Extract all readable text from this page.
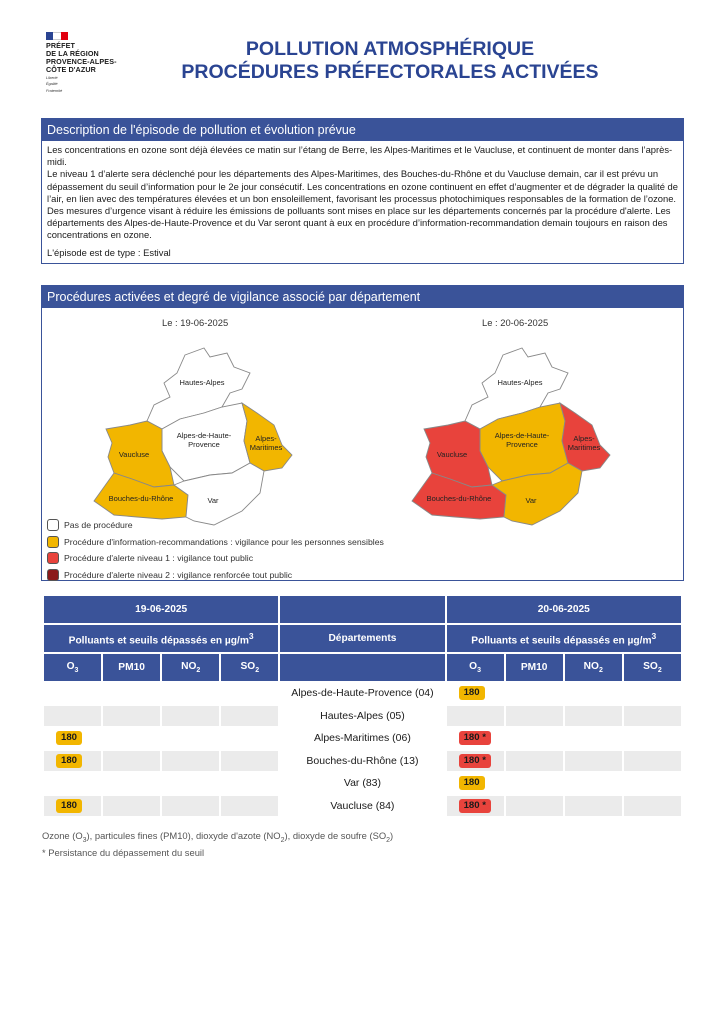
PRÉFET
DE LA RÉGION
PROVENCE-ALPES-
CÔTE D'AZUR
Liberté
Égalité
Fraternité
POLLUTION ATMOSPHÉRIQUE
PROCÉDURES PRÉFECTORALES ACTIVÉES
Description de l'épisode de pollution et évolution prévue

Les concentrations en ozone sont déjà élevées ce matin sur l’étang de Berre, les Alpes-Maritimes et le Vaucluse, et continuent de monter dans l’après-midi.

Le niveau 1 d’alerte sera déclenché pour les départements des Alpes-Maritimes, des Bouches-du-Rhône et du Vaucluse demain, car il est prévu un dépassement du seuil d’information pour le 2e jour consécutif. Les concentrations en ozone continuent en effet d’augmenter et de dégrader la qualité de l’air, en lien avec des températures élevées et un bon ensoleillement, favorisant les processus photochimiques responsables de la formation de l’ozone. Des mesures d’urgence visant à réduire les émissions de polluants sont mises en place sur les départements concernés par la procédure d'alerte. Les départements des Alpes-de-Haute-Provence et du Var seront quant à eux en procédure d’information-recommandation demain toujours en raison des concentrations en ozone.

L'épisode est de type : Estival

Procédures activées et degré de vigilance associé par département
Le : 19-06-2025	Le : 20-06-2025
Hautes-Alpes
Alpes-de-Haute-
Provence
Alpes-
Maritimes
Vaucluse
Bouches-du-Rhône	Var
Hautes-Alpes
Alpes-de-Haute-
Provence
Alpes-
Maritimes
Vaucluse
Bouches-du-Rhône	Var
Pas de procédure
Procédure d'information-recommandations : vigilance pour les personnes sensibles
Procédure d'alerte niveau 1 : vigilance tout public
Procédure d'alerte niveau 2 : vigilance renforcée tout public
19-06-2025					20-06-2025			
Polluants et seuils dépassés en $\mu g/m^3$				Départements	Polluants et seuils dépassés en $\mu g/m^3$
$O_3$	PM10	$NO_2$	$SO_2$		$O_3$	PM10	$NO_2$	$SO_2$
				Alpes-de-Haute-Provence (04)	180			
				Hautes-Alpes (05)				
180				Alpes-Maritimes (06)	180 *			
180				Bouches-du-Rhône (13)	180 *			
				Var (83)	180			
180				Vaucluse (84)	180 *			
Ozone $(O_3)$, particules fines (PM10), dioxyde d'azote $(NO_2)$, dioxyde de soufre $(SO_2)$
* Persistance du dépassement du seuil
